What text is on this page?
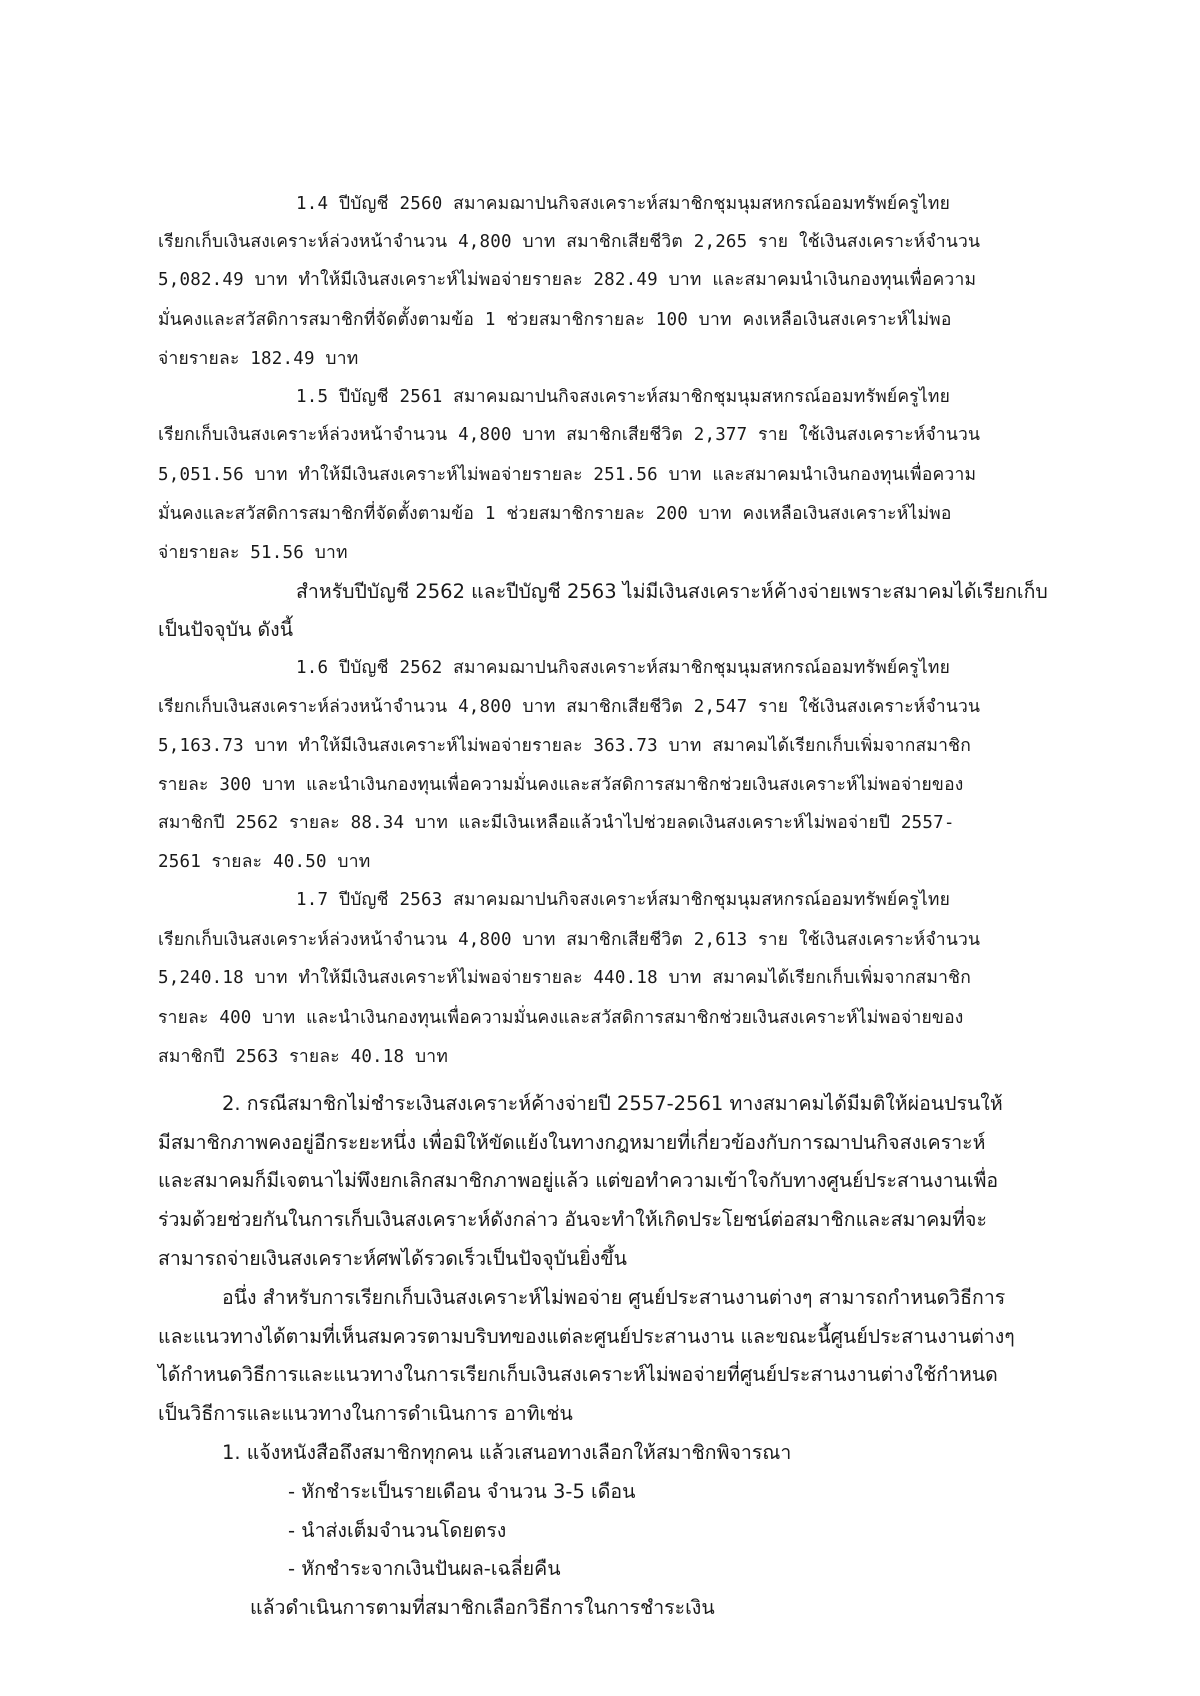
1.4 ปีบัญชี 2560 สมาคมฌาปนกิจสงเคราะห์สมาชิกชุมนุมสหกรณ์ออมทรัพย์ครูไทย
เรียกเก็บเงินสงเคราะห์ล่วงหน้าจำนวน 4,800 บาท สมาชิกเสียชีวิต 2,265 ราย ใช้เงินสงเคราะห์จำนวน
5,082.49 บาท ทำให้มีเงินสงเคราะห์ไม่พอจ่ายรายละ 282.49 บาท และสมาคมนำเงินกองทุนเพื่อความ
มั่นคงและสวัสดิการสมาชิกที่จัดตั้งตามข้อ 1 ช่วยสมาชิกรายละ 100 บาท คงเหลือเงินสงเคราะห์ไม่พอ
จ่ายรายละ 182.49 บาท
1.5 ปีบัญชี 2561 สมาคมฌาปนกิจสงเคราะห์สมาชิกชุมนุมสหกรณ์ออมทรัพย์ครูไทย
เรียกเก็บเงินสงเคราะห์ล่วงหน้าจำนวน 4,800 บาท สมาชิกเสียชีวิต 2,377 ราย ใช้เงินสงเคราะห์จำนวน
5,051.56 บาท ทำให้มีเงินสงเคราะห์ไม่พอจ่ายรายละ 251.56 บาท และสมาคมนำเงินกองทุนเพื่อความ
มั่นคงและสวัสดิการสมาชิกที่จัดตั้งตามข้อ 1 ช่วยสมาชิกรายละ 200 บาท คงเหลือเงินสงเคราะห์ไม่พอ
จ่ายรายละ 51.56 บาท
สำหรับปีบัญชี 2562 และปีบัญชี 2563 ไม่มีเงินสงเคราะห์ค้างจ่ายเพราะสมาคมได้เรียกเก็บ
เป็นปัจจุบัน ดังนี้
1.6 ปีบัญชี 2562 สมาคมฌาปนกิจสงเคราะห์สมาชิกชุมนุมสหกรณ์ออมทรัพย์ครูไทย
เรียกเก็บเงินสงเคราะห์ล่วงหน้าจำนวน 4,800 บาท สมาชิกเสียชีวิต 2,547 ราย ใช้เงินสงเคราะห์จำนวน
5,163.73 บาท ทำให้มีเงินสงเคราะห์ไม่พอจ่ายรายละ 363.73 บาท สมาคมได้เรียกเก็บเพิ่มจากสมาชิก
รายละ 300 บาท และนำเงินกองทุนเพื่อความมั่นคงและสวัสดิการสมาชิกช่วยเงินสงเคราะห์ไม่พอจ่ายของ
สมาชิกปี 2562 รายละ 88.34 บาท และมีเงินเหลือแล้วนำไปช่วยลดเงินสงเคราะห์ไม่พอจ่ายปี 2557-
2561 รายละ 40.50 บาท
1.7 ปีบัญชี 2563 สมาคมฌาปนกิจสงเคราะห์สมาชิกชุมนุมสหกรณ์ออมทรัพย์ครูไทย
เรียกเก็บเงินสงเคราะห์ล่วงหน้าจำนวน 4,800 บาท สมาชิกเสียชีวิต 2,613 ราย ใช้เงินสงเคราะห์จำนวน
5,240.18 บาท ทำให้มีเงินสงเคราะห์ไม่พอจ่ายรายละ 440.18 บาท สมาคมได้เรียกเก็บเพิ่มจากสมาชิก
รายละ 400 บาท และนำเงินกองทุนเพื่อความมั่นคงและสวัสดิการสมาชิกช่วยเงินสงเคราะห์ไม่พอจ่ายของ
สมาชิกปี 2563 รายละ 40.18 บาท
2. กรณีสมาชิกไม่ชำระเงินสงเคราะห์ค้างจ่ายปี 2557-2561 ทางสมาคมได้มีมติให้ผ่อนปรนให้
มีสมาชิกภาพคงอยู่อีกระยะหนึ่ง เพื่อมิให้ขัดแย้งในทางกฎหมายที่เกี่ยวข้องกับการฌาปนกิจสงเคราะห์
และสมาคมก็มีเจตนาไม่พึงยกเลิกสมาชิกภาพอยู่แล้ว แต่ขอทำความเข้าใจกับทางศูนย์ประสานงานเพื่อ
ร่วมด้วยช่วยกันในการเก็บเงินสงเคราะห์ดังกล่าว อันจะทำให้เกิดประโยชน์ต่อสมาชิกและสมาคมที่จะ
สามารถจ่ายเงินสงเคราะห์ศพได้รวดเร็วเป็นปัจจุบันยิ่งขึ้น
อนึ่ง สำหรับการเรียกเก็บเงินสงเคราะห์ไม่พอจ่าย ศูนย์ประสานงานต่างๆ สามารถกำหนดวิธีการ
และแนวทางได้ตามที่เห็นสมควรตามบริบทของแต่ละศูนย์ประสานงาน และขณะนี้ศูนย์ประสานงานต่างๆ
ได้กำหนดวิธีการและแนวทางในการเรียกเก็บเงินสงเคราะห์ไม่พอจ่ายที่ศูนย์ประสานงานต่างใช้กำหนด
เป็นวิธีการและแนวทางในการดำเนินการ อาทิเช่น
1. แจ้งหนังสือถึงสมาชิกทุกคน แล้วเสนอทางเลือกให้สมาชิกพิจารณา
- หักชำระเป็นรายเดือน จำนวน 3-5 เดือน
- นำส่งเต็มจำนวนโดยตรง
- หักชำระจากเงินปันผล-เฉลี่ยคืน
แล้วดำเนินการตามที่สมาชิกเลือกวิธีการในการชำระเงิน
